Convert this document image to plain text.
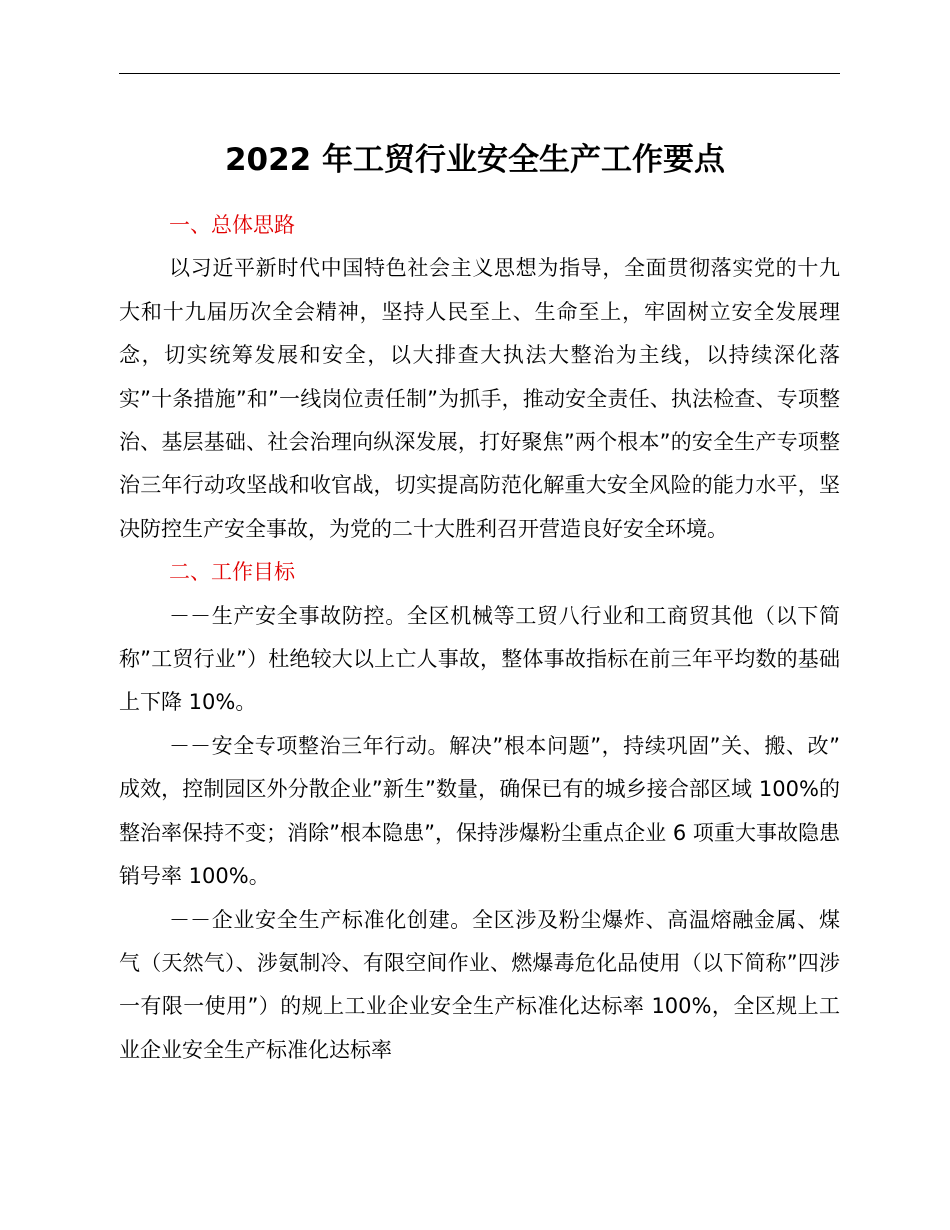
2022 年工贸行业安全生产工作要点

一、总体思路

以习近平新时代中国特色社会主义思想为指导，全面贯彻落实党的十九大和十九届历次全会精神，坚持人民至上、生命至上，牢固树立安全发展理念，切实统筹发展和安全，以大排查大执法大整治为主线，以持续深化落实”十条措施”和”一线岗位责任制”为抓手，推动安全责任、执法检查、专项整治、基层基础、社会治理向纵深发展，打好聚焦”两个根本”的安全生产专项整治三年行动攻坚战和收官战，切实提高防范化解重大安全风险的能力水平，坚决防控生产安全事故，为党的二十大胜利召开营造良好安全环境。

二、工作目标

－－生产安全事故防控。全区机械等工贸八行业和工商贸其他（以下简称”工贸行业”）杜绝较大以上亡人事故，整体事故指标在前三年平均数的基础上下降 10%。

－－安全专项整治三年行动。解决”根本问题”，持续巩固”关、搬、改” 成效，控制园区外分散企业”新生”数量，确保已有的城乡接合部区域 100%的整治率保持不变；消除”根本隐患”，保持涉爆粉尘重点企业 6 项重大事故隐患销号率 100%。

－－企业安全生产标准化创建。全区涉及粉尘爆炸、高温熔融金属、煤气（天然气）、涉氨制冷、有限空间作业、燃爆毒危化品使用（以下简称”四涉一有限一使用”）的规上工业企业安全生产标准化达标率 100%，全区规上工业企业安全生产标准化达标率
